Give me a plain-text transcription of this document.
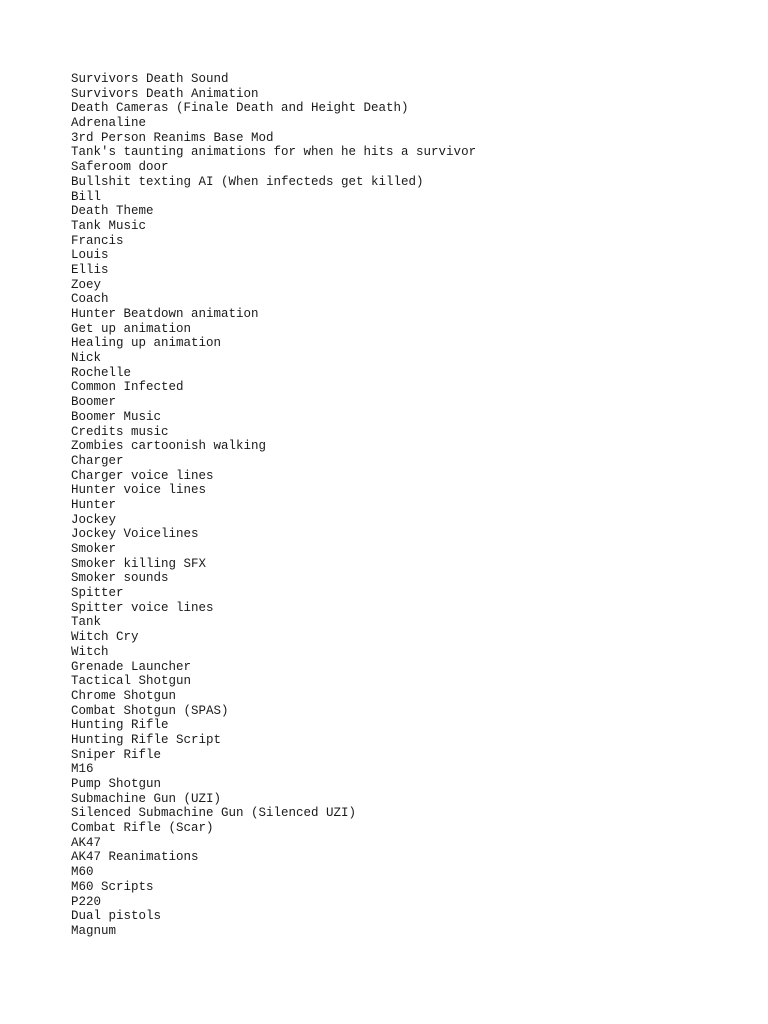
Survivors Death Sound
Survivors Death Animation
Death Cameras (Finale Death and Height Death)
Adrenaline
3rd Person Reanims Base Mod
Tank's taunting animations for when he hits a survivor
Saferoom door
Bullshit texting AI (When infecteds get killed)
Bill
Death Theme
Tank Music
Francis
Louis
Ellis
Zoey
Coach
Hunter Beatdown animation
Get up animation
Healing up animation
Nick
Rochelle
Common Infected
Boomer
Boomer Music
Credits music
Zombies cartoonish walking
Charger
Charger voice lines
Hunter voice lines
Hunter
Jockey
Jockey Voicelines
Smoker
Smoker killing SFX
Smoker sounds
Spitter
Spitter voice lines
Tank
Witch Cry
Witch
Grenade Launcher
Tactical Shotgun
Chrome Shotgun
Combat Shotgun (SPAS)
Hunting Rifle
Hunting Rifle Script
Sniper Rifle
M16
Pump Shotgun
Submachine Gun (UZI)
Silenced Submachine Gun (Silenced UZI)
Combat Rifle (Scar)
AK47
AK47 Reanimations
M60
M60 Scripts
P220
Dual pistols
Magnum
